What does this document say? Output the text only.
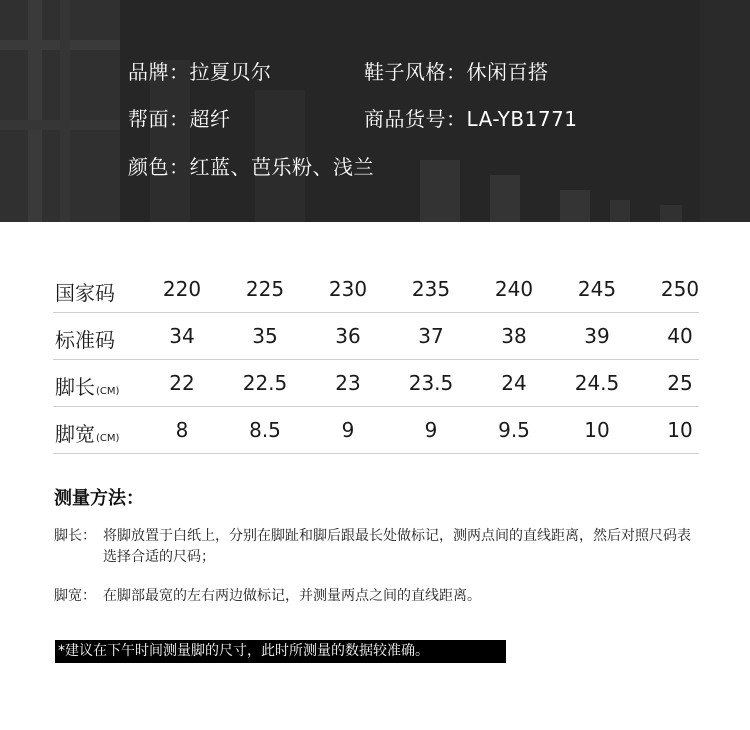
品牌：拉夏贝尔	鞋子风格：休闲百搭
帮面：超纤	商品货号：LA-YB1771
颜色：红蓝、芭乐粉、浅兰
国家码	220	225	230	235	240	245	250
标准码	34	35	36	37	38	39	40
脚长(CM)	22	22.5	23	23.5	24	24.5	25
脚宽(CM)	8	8.5	9	9	9.5	10	10
测量方法：
脚长： 将脚放置于白纸上，分别在脚趾和脚后跟最长处做标记，测两点间的直线距离，然后对照尺码表选择合适的尺码；
脚宽： 在脚部最宽的左右两边做标记，并测量两点之间的直线距离。
*建议在下午时间测量脚的尺寸，此时所测量的数据较准确。
